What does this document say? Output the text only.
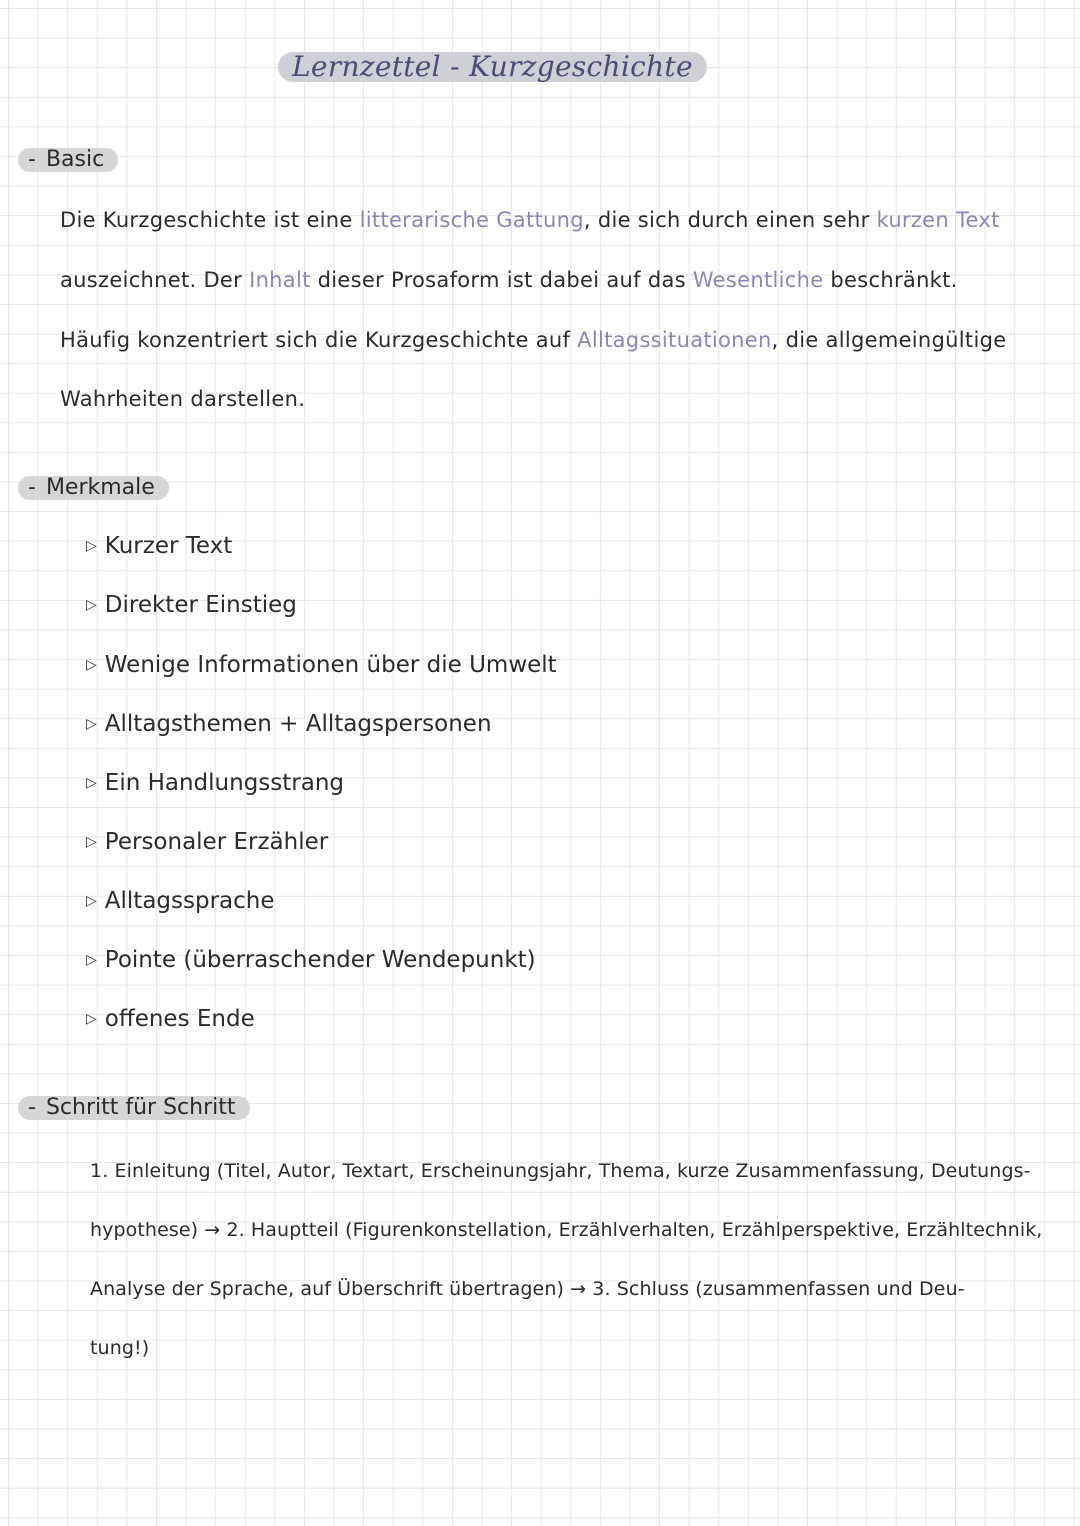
Lernzettel - Kurzgeschichte
- Basic
Die Kurzgeschichte ist eine litterarische Gattung, die sich durch einen sehr kurzen Text
auszeichnet. Der Inhalt dieser Prosaform ist dabei auf das Wesentliche beschränkt.
Häufig konzentriert sich die Kurzgeschichte auf Alltagssituationen, die allgemeingültige
Wahrheiten darstellen.
- Merkmale
▷ Kurzer Text
▷ Direkter Einstieg
▷ Wenige Informationen über die Umwelt
▷ Alltagsthemen + Alltagspersonen
▷ Ein Handlungsstrang
▷ Personaler Erzähler
▷ Alltagssprache
▷ Pointe (überraschender Wendepunkt)
▷ offenes Ende
- Schritt für Schritt
1. Einleitung (Titel, Autor, Textart, Erscheinungsjahr, Thema, kurze Zusammenfassung, Deutungs-
hypothese) → 2. Hauptteil (Figurenkonstellation, Erzählverhalten, Erzählperspektive, Erzähltechnik,
Analyse der Sprache, auf Überschrift übertragen) → 3. Schluss (zusammenfassen und Deu-
tung!)
